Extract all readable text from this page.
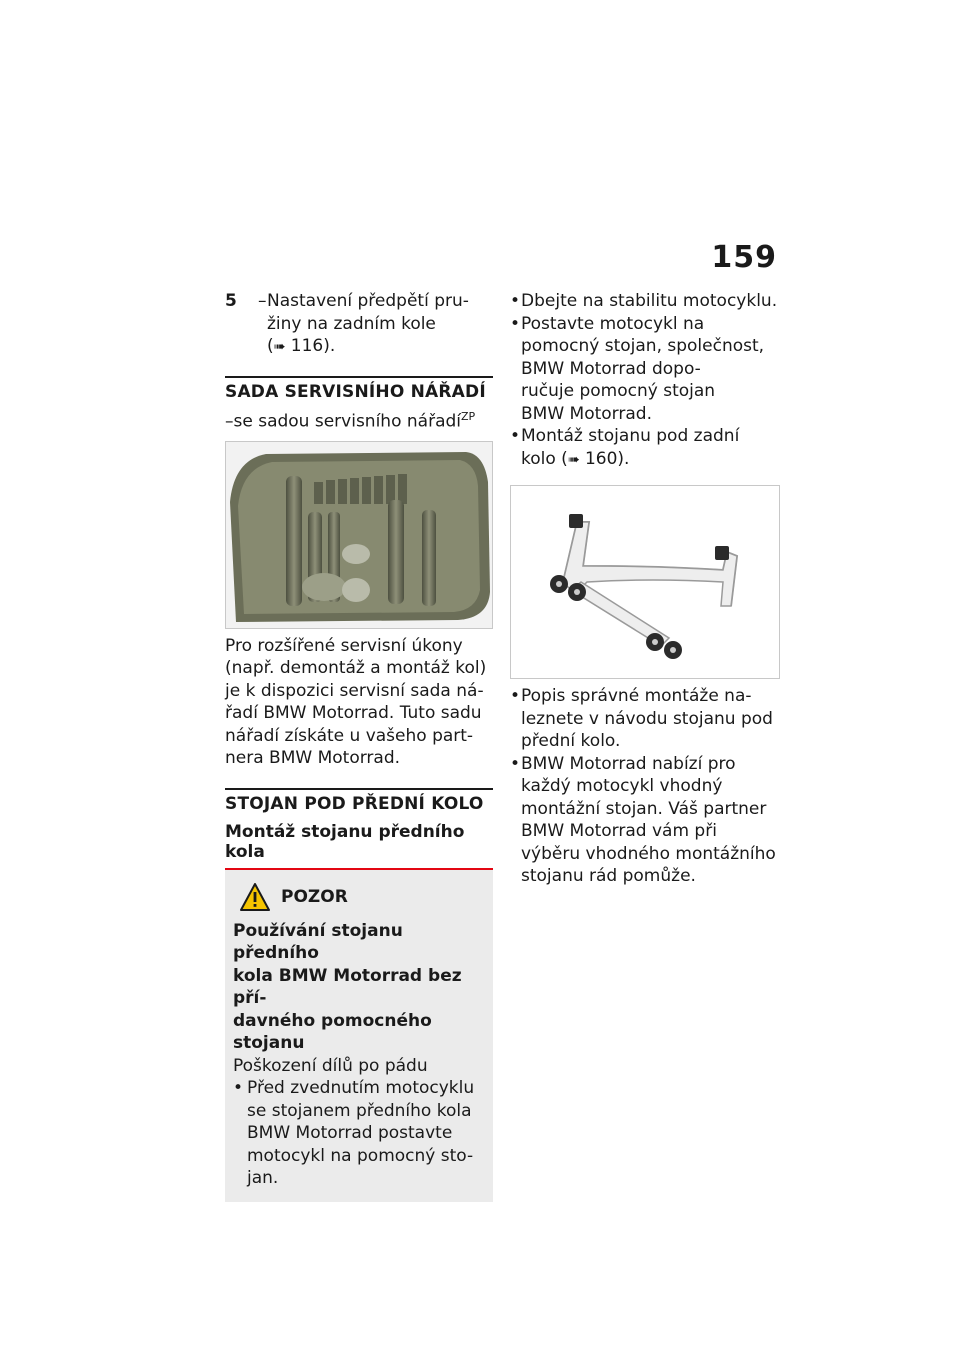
159
5 – Nastavení předpětí pru-
žiny na zadním kole
(➠ 116).
SADA SERVISNÍHO NÁŘADÍ
–se sadou servisního nářadí$^{ZP}$
Pro rozšířené servisní úkony
(např. demontáž a montáž kol)
je k dispozici servisní sada ná-
řadí BMW Motorrad. Tuto sadu
nářadí získáte u vašeho part-
nera BMW Motorrad.
STOJAN POD PŘEDNÍ KOLO
Montáž stojanu předního kola
POZOR
Používání stojanu předního
kola BMW Motorrad bez pří-
davného pomocného stojanu
Poškození dílů po pádu
• Před zvednutím motocyklu
se stojanem předního kola
BMW Motorrad postavte
motocykl na pomocný sto-
jan.
• Dbejte na stabilitu motocyklu.
• Postavte motocykl na
pomocný stojan, společnost,
BMW Motorrad dopo-
ručuje pomocný stojan
BMW Motorrad.
• Montáž stojanu pod zadní
kolo (➠ 160).
• Popis správné montáže na-
leznete v návodu stojanu pod
přední kolo.
• BMW Motorrad nabízí pro
každý motocykl vhodný
montážní stojan. Váš partner
BMW Motorrad vám při
výběru vhodného montážního
stojanu rád pomůže.
